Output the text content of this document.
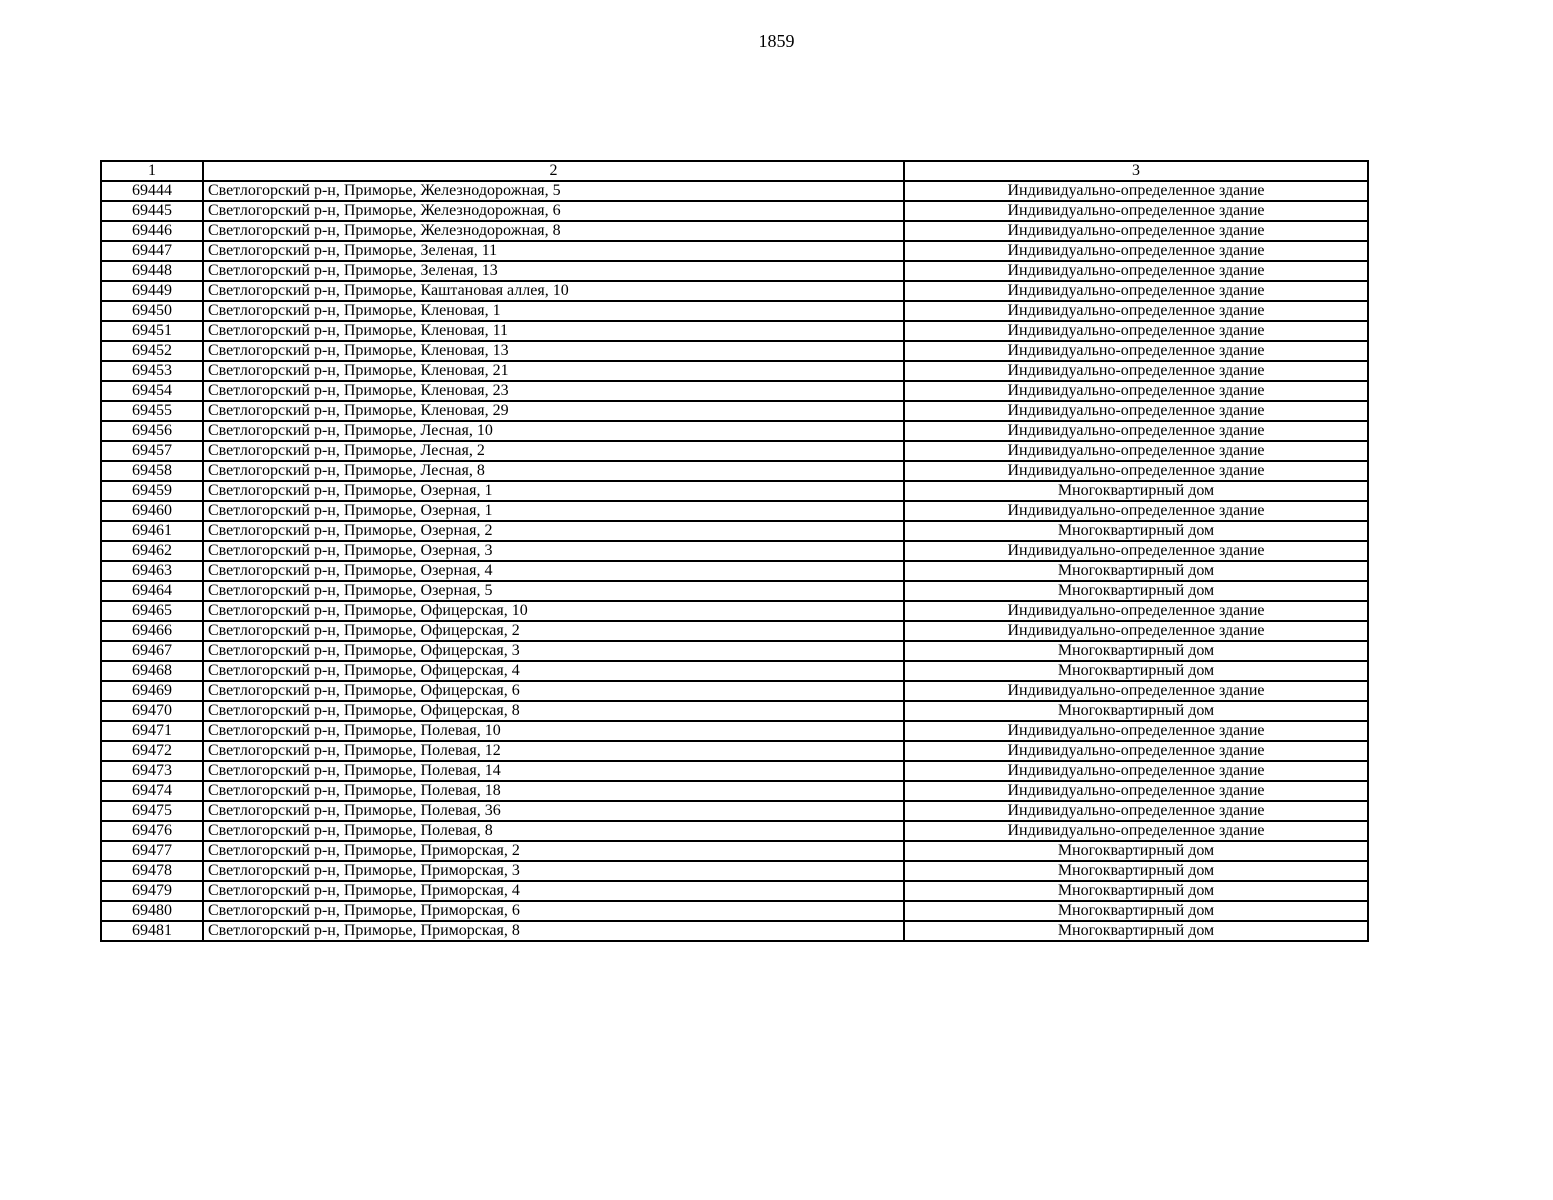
1859
1	2	3
69444	Светлогорский р-н, Приморье, Железнодорожная, 5	Индивидуально-определенное здание
69445	Светлогорский р-н, Приморье, Железнодорожная, 6	Индивидуально-определенное здание
69446	Светлогорский р-н, Приморье, Железнодорожная, 8	Индивидуально-определенное здание
69447	Светлогорский р-н, Приморье, Зеленая, 11	Индивидуально-определенное здание
69448	Светлогорский р-н, Приморье, Зеленая, 13	Индивидуально-определенное здание
69449	Светлогорский р-н, Приморье, Каштановая аллея, 10	Индивидуально-определенное здание
69450	Светлогорский р-н, Приморье, Кленовая, 1	Индивидуально-определенное здание
69451	Светлогорский р-н, Приморье, Кленовая, 11	Индивидуально-определенное здание
69452	Светлогорский р-н, Приморье, Кленовая, 13	Индивидуально-определенное здание
69453	Светлогорский р-н, Приморье, Кленовая, 21	Индивидуально-определенное здание
69454	Светлогорский р-н, Приморье, Кленовая, 23	Индивидуально-определенное здание
69455	Светлогорский р-н, Приморье, Кленовая, 29	Индивидуально-определенное здание
69456	Светлогорский р-н, Приморье, Лесная, 10	Индивидуально-определенное здание
69457	Светлогорский р-н, Приморье, Лесная, 2	Индивидуально-определенное здание
69458	Светлогорский р-н, Приморье, Лесная, 8	Индивидуально-определенное здание
69459	Светлогорский р-н, Приморье, Озерная, 1	Многоквартирный дом
69460	Светлогорский р-н, Приморье, Озерная, 1	Индивидуально-определенное здание
69461	Светлогорский р-н, Приморье, Озерная, 2	Многоквартирный дом
69462	Светлогорский р-н, Приморье, Озерная, 3	Индивидуально-определенное здание
69463	Светлогорский р-н, Приморье, Озерная, 4	Многоквартирный дом
69464	Светлогорский р-н, Приморье, Озерная, 5	Многоквартирный дом
69465	Светлогорский р-н, Приморье, Офицерская, 10	Индивидуально-определенное здание
69466	Светлогорский р-н, Приморье, Офицерская, 2	Индивидуально-определенное здание
69467	Светлогорский р-н, Приморье, Офицерская, 3	Многоквартирный дом
69468	Светлогорский р-н, Приморье, Офицерская, 4	Многоквартирный дом
69469	Светлогорский р-н, Приморье, Офицерская, 6	Индивидуально-определенное здание
69470	Светлогорский р-н, Приморье, Офицерская, 8	Многоквартирный дом
69471	Светлогорский р-н, Приморье, Полевая, 10	Индивидуально-определенное здание
69472	Светлогорский р-н, Приморье, Полевая, 12	Индивидуально-определенное здание
69473	Светлогорский р-н, Приморье, Полевая, 14	Индивидуально-определенное здание
69474	Светлогорский р-н, Приморье, Полевая, 18	Индивидуально-определенное здание
69475	Светлогорский р-н, Приморье, Полевая, 36	Индивидуально-определенное здание
69476	Светлогорский р-н, Приморье, Полевая, 8	Индивидуально-определенное здание
69477	Светлогорский р-н, Приморье, Приморская, 2	Многоквартирный дом
69478	Светлогорский р-н, Приморье, Приморская, 3	Многоквартирный дом
69479	Светлогорский р-н, Приморье, Приморская, 4	Многоквартирный дом
69480	Светлогорский р-н, Приморье, Приморская, 6	Многоквартирный дом
69481	Светлогорский р-н, Приморье, Приморская, 8	Многоквартирный дом
